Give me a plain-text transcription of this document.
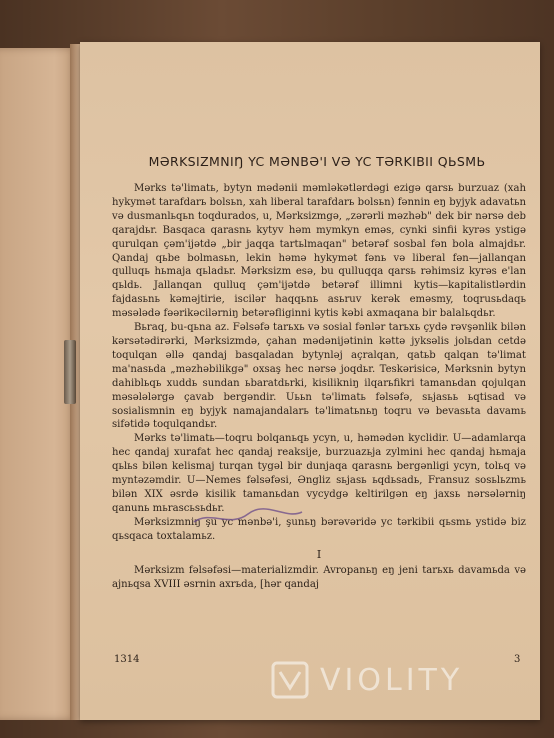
MƏRKSIZMNIŊ YC MƏNBƏ'I VƏ YC TƏRKIBII QЬSMЬ

Mərks tə'limatь, bytyn mədənii məmləkətlərdəgi ezigə qarsь burzuaz (xah hykymət tarafdarь bolsьn, xah liberal tarafdarь bolsьn) fənnin eŋ byjyk adavatьn və dusmanlьqьn toqdurados, u, Mərksizmgə, „zərərli məzhəb" dek bir nərsə deb qarajdьr. Basqaca qarasnь kytyv həm mymkyn eməs, cynki sinfii kyrəs ystigə qurulqan çəm'ijətdə „bir jaqqa tartьlmaqan" betərəf sosbal fən bola almajdьr. Qandaj qьbe bolmasьn, lekin həmə hykymət fənь və liberal fən—jallanqan qulluqь hьmaja qьladьr. Mərksizm esə, bu qulluqqa qarsь rəhimsiz kyrəs e'lan qьldь. Jallanqan qulluq çəm'ijətdə betərəf illimni kytis—kapitalistlərdin fajdasьnь kəməjtirie, iscilər haqqьnь asьruv kerək eməsmy, toqrusьdaqь məsələdə fəərikəcilərniŋ betərəfliginni kytis kəbi axmaqana bir balalьqdьr.

Bьraq, bu-qьna az. Fəlsəfə tarьxь və sosial fənlər tarьxь çydə rəvşənlik bilən kərsətədirərki, Mərksizmdə, çahan mədənijətinin kəttə jyksəlis jolьdan cetdə toqulqan əllə qandaj basqaladan bytynləj açralqan, qatьb qalqan tə'limat ma'nasьda „məzhəbilikgə" oxsaş hec nərsə joqdьr. Teskərisicə, Mərksnin bytyn dahiblьqь xuddь sundan ьbaratdьrki, kisilikniŋ ilqarьfikri tamanьdan qojulqan məsələlərgə çavab bergəndir. Uььn tə'limatь fəlsəfə, sьjasьь ьqtisad və sosialismnin eŋ byjyk namajandalarь tə'limatьnьŋ toqru və bevasьta davamь sifətidə toqulqandьr.

Mərks tə'limatь—toqru bolqanьqь ycyn, u, həmədən kyclidir. U—adamlarqa hec qandaj xurafat hec qandaj reaksije, burzuazьja zylmini hec qandaj hьmaja qьlьs bilən kelismaj turqan tygəl bir dunjaqa qarasnь bergənligi ycyn, tolьq və myntəzəmdir. U—Nemes fəlsəfəsi, Əngliz sьjasь ьqdьsadь, Fransuz sosьlьzmь bilən XIX əsrdə kisilik tamanьdan vycydgə keltirilgən eŋ jaxsь nərsələrniŋ qanunь mьrascьsьdьr.

Mərksizmniŋ şu yc mənbə'i, şunьŋ bərəvəridə yc tərkibii qьsmь ystidə biz qьsqaca toxtalamьz.

I

Mərksizm fəlsəfəsi—materializmdir. Avropanьŋ eŋ jeni tarьxь davamьda və ajnьqsa XVIII əsrnin axrьda, [hər qandaj

1314	3
VIOLITY
